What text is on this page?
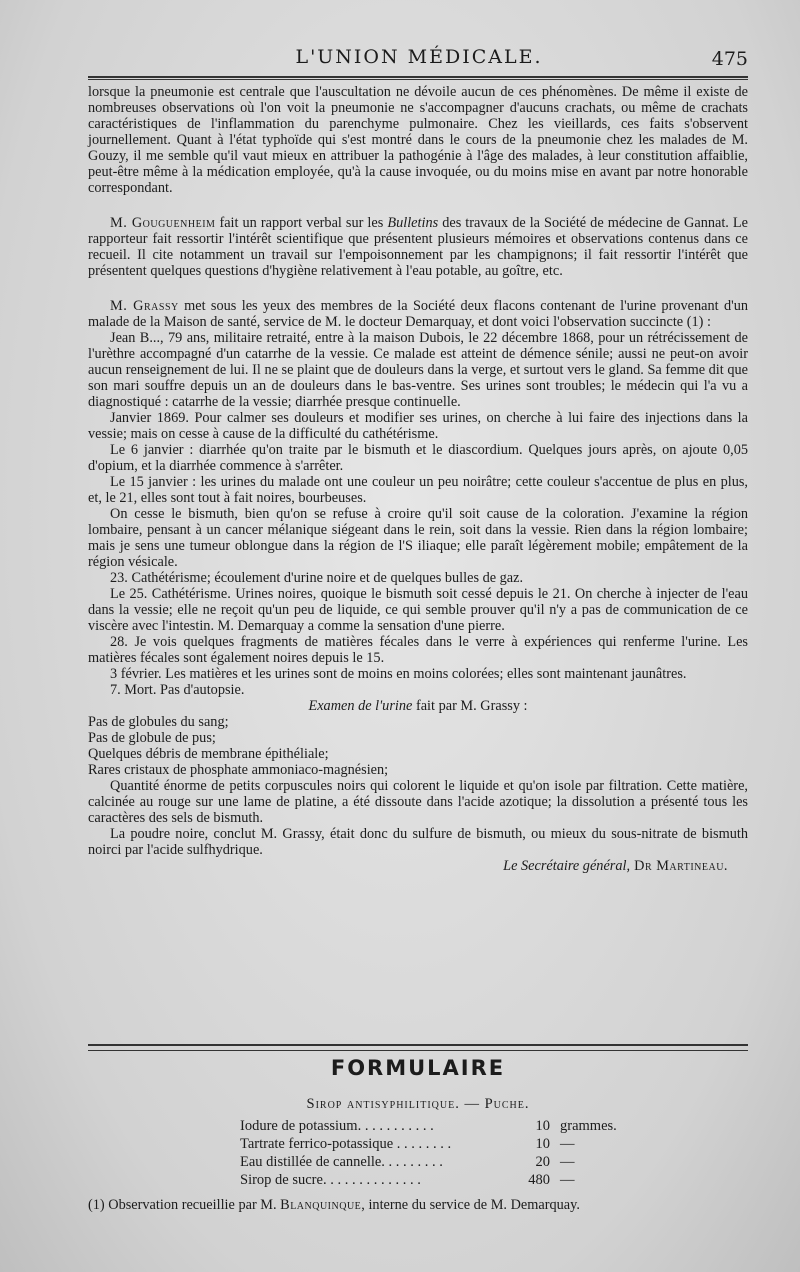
L'UNION MÉDICALE.	475

lorsque la pneumonie est centrale que l'auscultation ne dévoile aucun de ces phénomènes. De même il existe de nombreuses observations où l'on voit la pneumonie ne s'accompagner d'aucuns crachats, ou même de crachats caractéristiques de l'inflammation du parenchyme pulmonaire. Chez les vieillards, ces faits s'observent journellement. Quant à l'état typhoïde qui s'est montré dans le cours de la pneumonie chez les malades de M. Gouzy, il me semble qu'il vaut mieux en attribuer la pathogénie à l'âge des malades, à leur constitution affaiblie, peut-être même à la médication employée, qu'à la cause invoquée, ou du moins mise en avant par notre honorable correspondant.

M. Gouguenheim fait un rapport verbal sur les Bulletins des travaux de la Société de médecine de Gannat. Le rapporteur fait ressortir l'intérêt scientifique que présentent plusieurs mémoires et observations contenus dans ce recueil. Il cite notamment un travail sur l'empoisonnement par les champignons; il fait ressortir l'intérêt que présentent quelques questions d'hygiène relativement à l'eau potable, au goître, etc.

M. Grassy met sous les yeux des membres de la Société deux flacons contenant de l'urine provenant d'un malade de la Maison de santé, service de M. le docteur Demarquay, et dont voici l'observation succincte (1) :

Jean B..., 79 ans, militaire retraité, entre à la maison Dubois, le 22 décembre 1868, pour un rétrécissement de l'urèthre accompagné d'un catarrhe de la vessie. Ce malade est atteint de démence sénile; aussi ne peut-on avoir aucun renseignement de lui. Il ne se plaint que de douleurs dans la verge, et surtout vers le gland. Sa femme dit que son mari souffre depuis un an de douleurs dans le bas-ventre. Ses urines sont troubles; le médecin qui l'a vu a diagnostiqué : catarrhe de la vessie; diarrhée presque continuelle.

Janvier 1869. Pour calmer ses douleurs et modifier ses urines, on cherche à lui faire des injections dans la vessie; mais on cesse à cause de la difficulté du cathétérisme.

Le 6 janvier : diarrhée qu'on traite par le bismuth et le diascordium. Quelques jours après, on ajoute 0,05 d'opium, et la diarrhée commence à s'arrêter.

Le 15 janvier : les urines du malade ont une couleur un peu noirâtre; cette couleur s'accentue de plus en plus, et, le 21, elles sont tout à fait noires, bourbeuses.

On cesse le bismuth, bien qu'on se refuse à croire qu'il soit cause de la coloration. J'examine la région lombaire, pensant à un cancer mélanique siégeant dans le rein, soit dans la vessie. Rien dans la région lombaire; mais je sens une tumeur oblongue dans la région de l'S iliaque; elle paraît légèrement mobile; empâtement de la région vésicale.

23. Cathétérisme; écoulement d'urine noire et de quelques bulles de gaz.

Le 25. Cathétérisme. Urines noires, quoique le bismuth soit cessé depuis le 21. On cherche à injecter de l'eau dans la vessie; elle ne reçoit qu'un peu de liquide, ce qui semble prouver qu'il n'y a pas de communication de ce viscère avec l'intestin. M. Demarquay a comme la sensation d'une pierre.

28. Je vois quelques fragments de matières fécales dans le verre à expériences qui renferme l'urine. Les matières fécales sont également noires depuis le 15.

3 février. Les matières et les urines sont de moins en moins colorées; elles sont maintenant jaunâtres.

7. Mort. Pas d'autopsie.

Examen de l'urine fait par M. Grassy :

Pas de globules du sang;

Pas de globule de pus;

Quelques débris de membrane épithéliale;

Rares cristaux de phosphate ammoniaco-magnésien;

Quantité énorme de petits corpuscules noirs qui colorent le liquide et qu'on isole par filtration. Cette matière, calcinée au rouge sur une lame de platine, a été dissoute dans l'acide azotique; la dissolution a présenté tous les caractères des sels de bismuth.

La poudre noire, conclut M. Grassy, était donc du sulfure de bismuth, ou mieux du sous-nitrate de bismuth noirci par l'acide sulfhydrique.

Le Secrétaire général, Dr Martineau.

FORMULAIRE
Sirop antisyphilitique. — Puche.
Iodure de potassium. . . . . . . . . . .	10 grammes.
Tartrate ferrico-potassique . . . . . . . .	10 —
Eau distillée de cannelle. . . . . . . . .	20 —
Sirop de sucre. . . . . . . . . . . . . .	480 —
(1) Observation recueillie par M. Blanquinque, interne du service de M. Demarquay.
